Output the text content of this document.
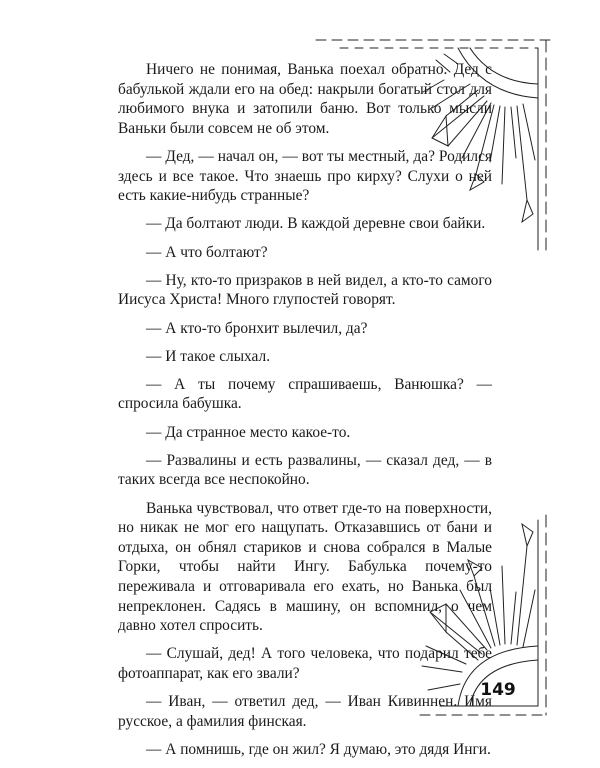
Ничего не понимая, Ванька поехал обратно. Дед с бабулькой ждали его на обед: накрыли богатый стол для любимого внука и затопили баню. Вот только мысли Ваньки были совсем не об этом.

— Дед, — начал он, — вот ты местный, да? Родился здесь и все такое. Что знаешь про кирху? Слухи о ней есть какие-нибудь странные?

— Да болтают люди. В каждой деревне свои байки.

— А что болтают?

— Ну, кто-то призраков в ней видел, а кто-то самого Иисуса Христа! Много глупостей говорят.

— А кто-то бронхит вылечил, да?

— И такое слыхал.

— А ты почему спрашиваешь, Ванюшка? — спросила бабушка.

— Да странное место какое-то.

— Развалины и есть развалины, — сказал дед, — в таких всегда все неспокойно.

Ванька чувствовал, что ответ где-то на поверхности, но никак не мог его нащупать. Отказавшись от бани и отдыха, он обнял стариков и снова собрался в Малые Горки, чтобы найти Ингу. Бабулька почему-то переживала и отговаривала его ехать, но Ванька был непреклонен. Садясь в машину, он вспомнил, о чем давно хотел спросить.

— Слушай, дед! А того человека, что подарил тебе фотоаппарат, как его звали?

— Иван, — ответил дед, — Иван Кивиннен. Имя русское, а фамилия финская.

— А помнишь, где он жил? Я думаю, это дядя Инги.

149
